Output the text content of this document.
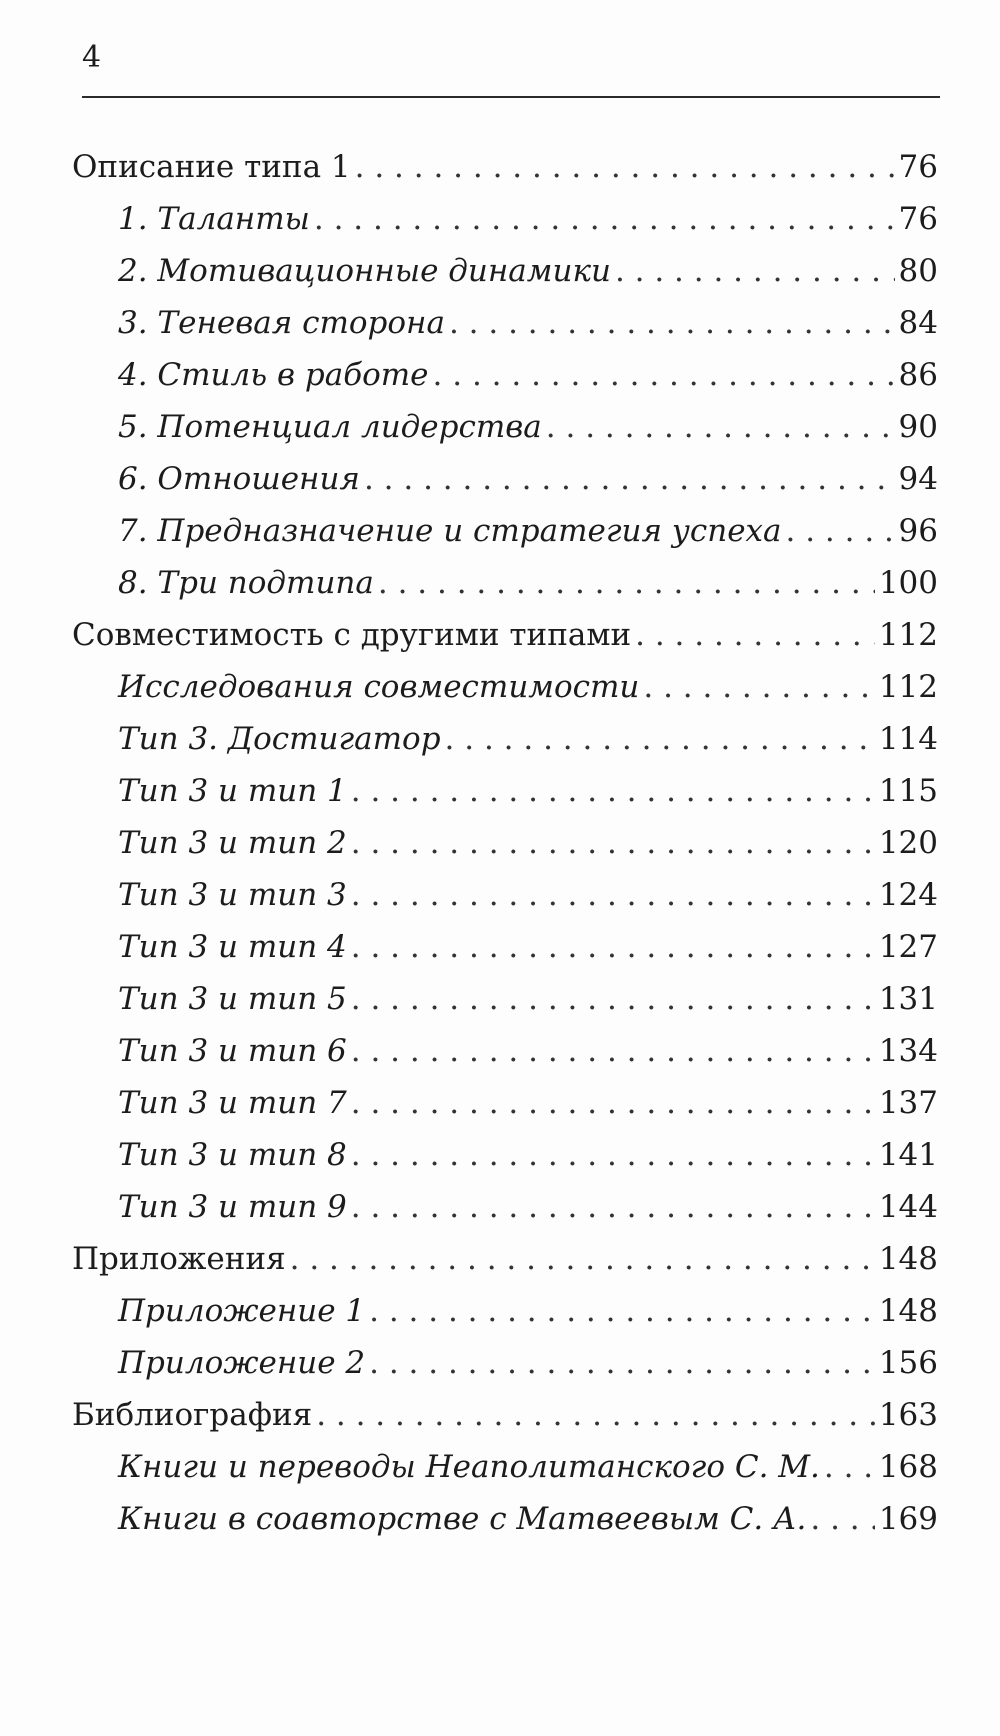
4
Описание типа 1 . . .	76
1. Таланты . . .	76
2. Мотивационные динамики . . .	80
3. Теневая сторона . . .	84
4. Стиль в работе . . .	86
5. Потенциал лидерства . . .	90
6. Отношения . . .	94
7. Предназначение и стратегия успеха . . .	96
8. Три подтипа . . .	100
Совместимость с другими типами . . .	112
Исследования совместимости . . .	112
Тип 3. Достигатор . . .	114
Тип 3 и тип 1 . . .	115
Тип 3 и тип 2 . . .	120
Тип 3 и тип 3 . . .	124
Тип 3 и тип 4 . . .	127
Тип 3 и тип 5 . . .	131
Тип 3 и тип 6 . . .	134
Тип 3 и тип 7 . . .	137
Тип 3 и тип 8 . . .	141
Тип 3 и тип 9 . . .	144
Приложения . . .	148
Приложение 1 . . .	148
Приложение 2 . . .	156
Библиография . . .	163
Книги и переводы Неаполитанского С. М. . . . 168
Книги в соавторстве с Матвеевым С. А. . . . 169
